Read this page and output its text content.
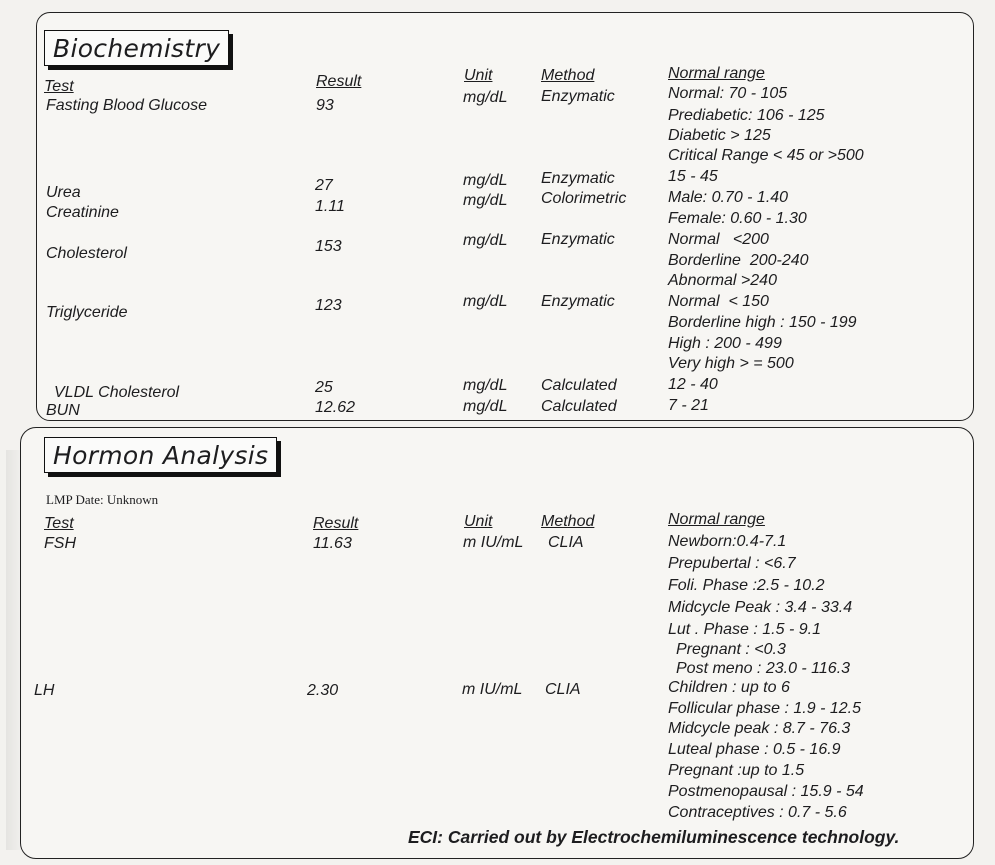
Biochemistry
Hormon Analysis
Test	Result	Unit	Method	Normal range
Fasting Blood Glucose	93	mg/dL Enzymatic	Normal: 70 - 105
Prediabetic: 106 - 125
Diabetic > 125
Critical Range < 45 or >500
Urea	27	mg/dL Enzymatic	15 - 45
Creatinine	1.11	mg/dL Colorimetric	Male: 0.70 - 1.40
Female: 0.60 - 1.30
Cholesterol	153	mg/dL Enzymatic	Normal   <200
Borderline  200-240
Abnormal >240
Triglyceride	123	mg/dL Enzymatic	Normal  < 150
Borderline high : 150 - 199
High : 200 - 499
Very high > = 500
VLDL Cholesterol	25	mg/dL Calculated	12 - 40
BUN	12.62	mg/dL Calculated	7 - 21
LMP Date: Unknown
Test	Result	Unit	Method	Normal range
FSH	11.63	m IU/mL CLIA	Newborn:0.4-7.1
Prepubertal : <6.7
Foli. Phase :2.5 - 10.2
Midcycle Peak : 3.4 - 33.4
Lut . Phase : 1.5 - 9.1
Pregnant : <0.3
Post meno : 23.0 - 116.3
LH	2.30	m IU/mL CLIA	Children : up to 6
Follicular phase : 1.9 - 12.5
Midcycle peak : 8.7 - 76.3
Luteal phase : 0.5 - 16.9
Pregnant :up to 1.5
Postmenopausal : 15.9 - 54
Contraceptives : 0.7 - 5.6
ECI: Carried out by Electrochemiluminescence technology.
